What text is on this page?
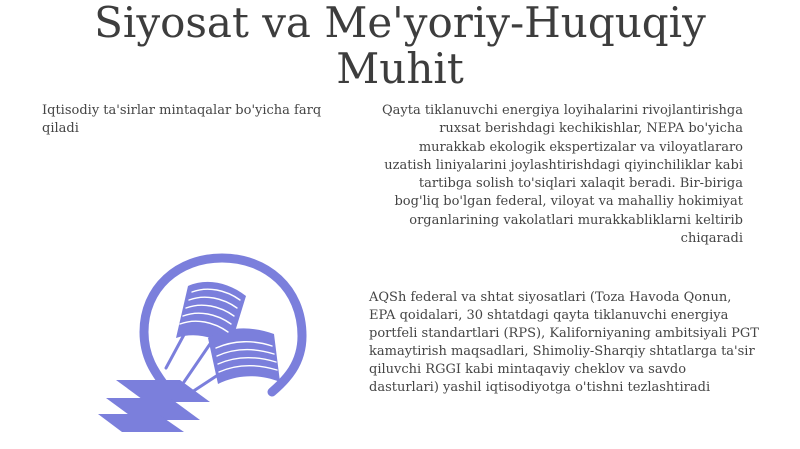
Siyosat va Me'yoriy-Huquqiy
Muhit
Iqtisodiy ta'sirlar mintaqalar bo'yicha farq qiladi
Qayta tiklanuvchi energiya loyihalarini rivojlantirishga ruxsat berishdagi kechikishlar, NEPA bo'yicha murakkab ekologik ekspertizalar va viloyatlararo uzatish liniyalarini joylashtirishdagi qiyinchiliklar kabi tartibga solish to'siqlari xalaqit beradi. Bir-biriga bog'liq bo'lgan federal, viloyat va mahalliy hokimiyat organlarining vakolatlari murakkabliklarni keltirib chiqaradi
AQSh federal va shtat siyosatlari (Toza Havoda Qonun, EPA qoidalari, 30 shtatdagi qayta tiklanuvchi energiya portfeli standartlari (RPS), Kaliforniyaning ambitsiyali PGT kamaytirish maqsadlari, Shimoliy-Sharqiy shtatlarga ta'sir qiluvchi RGGI kabi mintaqaviy cheklov va savdo dasturlari) yashil iqtisodiyotga o'tishni tezlashtiradi
